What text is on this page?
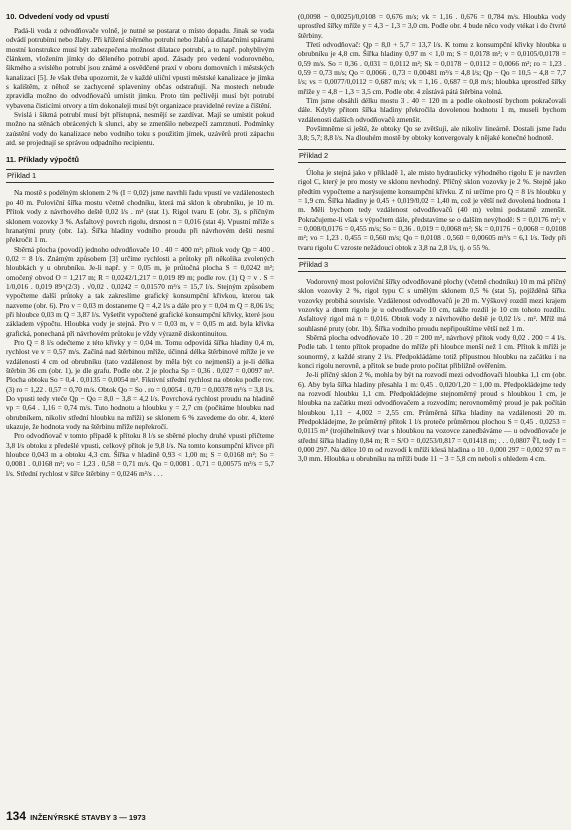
10. Odvedení vody od vpustí

Padá-li voda z odvodňovače volně, je nutné se postarat o místo dopadu. Jinak se voda odvádí potrubími nebo žlaby. Při křížení sběrného potrubí nebo žlabů a dilatačními spárami mostní konstrukce musí být zabezpečena možnost dilatace potrubí, a to např. pohyblivým článkem, vložením jímky do děleného potrubí apod. Zásady pro vedení vodorovného, šikmého a svislého potrubí jsou známé a osvědčené praxí v oboru domovních i městských kanalizací [5]. Je však třeba upozornit, že v každé uliční vpusti městské kanalizace je jímka s kalištěm, z něhož se zachycené splaveniny občas odstraňují. Na mostech nebude zpravidla možno do odvodňovačů umístit jímku. Proto tím pečlivěji musí být potrubí vybavena čisticími otvory a tím dokonaleji musí být organizace pravidelné revize a čištění.

Svislá i šikmá potrubí musí být přístupná, nesmějí se zazdívat. Mají se umístit pokud možno na stěnách obrácených k slunci, aby se zmenšilo nebezpečí zamrznutí. Podmínky zaústění vody do kanalizace nebo vodního toku s použitím jímek, uzávěrů proti zápachu atd. se projednají se správou odpadního recipientu.

11. Příklady výpočtů
Příklad 1

Na mostě s podélným sklonem 2 % (I = 0,02) jsme navrhli řadu vpustí ve vzdálenostech po 40 m. Poloviční šířka mostu včetně chodníku, která má sklon k obrubníku, je 10 m. Přítok vody z návrhového deště 0,02 l/s . m² (stat 1). Rigol tvaru E (obr. 3), s příčným sklonem vozovky 3 %. Asfaltový povrch rigolu, drsnost n = 0,016 (stat 4). Vpustní mříže s hranatými pruty (obr. 1a). Šířka hladiny vodního proudu při návrhovém dešti nesmí překročit 1 m.

Sběrná plocha (povodí) jednoho odvodňovače 10 . 40 = 400 m²; přítok vody Qp = 400 . 0,02 = 8 l/s. Známým způsobem [3] určíme rychlosti a průtoky při několika zvolených hloubkách y u obrubníku. Je-li např. y = 0,05 m, je průtočná plocha S = 0,0242 m²; omočený obvod O = 1,217 m; R = 0,0242/1,217 = 0,019 89 m; podle rov. (1) Q = v . S = 1/0,016 . 0,019 89^(2/3) . √0,02 . 0,0242 = 0,01570 m³/s = 15,7 l/s. Stejným způsobem vypočteme další průtoky a tak zakreslíme grafický konsumpční křivkou, kterou tak nazveme (obr. 6). Pro v = 0,03 m dostaneme Q = 4,2 l/s a dále pro y = 0,04 m Q = 8,06 l/s; při hloubce 0,03 m Q = 3,87 l/s. Vyšetřit vypočtené grafické konsumpční křivky, které jsou základem výpočtu. Hloubka vody je stejná. Pro v = 0,03 m, v = 0,05 m atd. byla křivka grafická, ponechaná při návrhovém průtoku je vždy výrazně diskontinuitou.

Pro Q = 8 l/s odečteme z této křivky y = 0,04 m. Tomu odpovídá šířka hladiny 0,4 m, rychlost ve v = 0,57 m/s. Začíná nad štěrbinou mříže, účinná délka štěrbinové mříže je ve vzdálenosti 4 cm od obrubníku (tato vzdálenost by měla být co nejmenší) a je-li délka štěrbin 36 cm (obr. 1), je dle grafu. Podle obr. 2 je plocha Sp = 0,36 . 0,027 = 0,0097 m². Plocha obtoku So = 0,4 . 0,0135 = 0,0054 m². Fiktivní střední rychlost na obtoku podle rov. (3) ro = 1,22 . 0,57 = 0,70 m/s. Obtok Qo = So . ro = 0,0054 . 0,70 = 0,00378 m³/s = 3,8 l/s. Do vpusti tedy vteče Qp − Qo = 8,0 − 3,8 = 4,2 l/s. Povrchová rychlost proudu na hladině vp = 0,64 . 1,16 = 0,74 m/s. Tuto hodnotu a hloubku y = 2,7 cm (počítáme hloubku nad obrubníkem, nikoliv střední hloubku na mříži) se sklonem 6 % zavedeme do obr. 4, které ukazuje, že hodnota vody na štěrbinu mříže nepřekročí.

Pro odvodňovač v tomto případě k přítoku 8 l/s se sběrné plochy druhé vpusti přičteme 3,8 l/s obtoku z předešlé vpusti, celkový přítok je 9,8 l/s. Na tomto konsumpční křivce při hloubce 0,043 m a obtoku 4,3 cm. Šířka v hladině 0,93 < 1,00 m; S = 0,0168 m²; So = 0,0081 . 0,0168 m²; vo = 1,23 . 0,58 = 0,71 m/s. Qo = 0,0081 . 0,71 = 0,00575 m³/s = 5,7 l/s. Střední rychlost v šířce štěrbiny = 0,0246 m²/s . . .

(0,0098 − 0,0025)/0,0108 = 0,676 m/s; vk = 1,16 . 0,676 = 0,784 m/s. Hloubka vody uprostřed šířky mříže y = 4,3 − 1,3 = 3,0 cm. Podle obr. 4 bude něco vody vtékat i do čtvrté štěrbiny.

Třetí odvodňovač: Qp = 8,0 + 5,7 = 13,7 l/s. K tomu z konsumpční křivky hloubka u obrubníku je 4,8 cm. Šířka hladiny 0,97 m < 1,0 m; S = 0,0178 m²; v = 0,0105/0,0178 = 0,59 m/s. So = 0,36 . 0,031 = 0,0112 m²; Sk = 0,0178 − 0,0112 = 0,0066 m²; ro = 1,23 . 0,59 = 0,73 m/s; Qo = 0,0066 . 0,73 = 0,00481 m³/s = 4,8 l/s; Qp − Qo = 10,5 − 4,8 = 7,7 l/s; vs = 0,0077/0,0112 = 0,687 m/s; vk = 1,16 . 0,687 = 0,8 m/s; hloubka uprostřed šířky mříže y = 4,8 − 1,3 = 3,5 cm. Podle obr. 4 zůstává pátá štěrbina volná.

Tím jsme obsáhli délku mostu 3 . 40 = 120 m a podle okolností bychom pokračovali dále. Kdyby přitom šířka hladiny překročila dovolenou hodnotu 1 m, museli bychom vzdálenosti dalších odvodňovačů zmenšit.

Povšimněme si ještě, že obtoky Qo se zvětšují, ale nikoliv lineárně. Dostali jsme řadu 3,8; 5,7; 8,8 l/s. Na dlouhém mostě by obtoky konvergovaly k nějaké konečné hodnotě.

Příklad 2

Úloha je stejná jako v příkladě 1, ale místo hydraulicky výhodného rigolu E je navržen rigol C, který je pro mosty ve sklonu nevhodný. Příčný sklon vozovky je 2 %. Stejně jako předtím vypočteme a narýsujeme konsumpční křivku. Z ní určíme pro Q = 8 l/s hloubku y = 1,9 cm. Šířka hladiny je 0,45 + 0,019/0,02 = 1,40 m, což je větší než dovolená hodnota 1 m. Měli bychom tedy vzdálenost odvodňovačů (40 m) velmi podstatně zmenšit. Pokračujeme-li však s výpočtem dále, představíme se o dalším nevýhodě: S = 0,0176 m²; v = 0,008/0,0176 = 0,455 m/s; So = 0,36 . 0,019 = 0,0068 m²; Sk = 0,0176 − 0,0068 = 0,0108 m²; vo = 1,23 . 0,455 = 0,560 m/s; Qo = 0,0108 . 0,560 = 0,00605 m³/s = 6,1 l/s. Tedy při tvaru rigolu C vzroste nežádoucí obtok z 3,8 na 2,8 l/s, tj. o 55 %.

Příklad 3

Vodorovný most poloviční šířky odvodňované plochy (včetně chodníku) 10 m má příčný sklon vozovky 2 %, rigol typu C s umělým sklonem 0,5 % (stat 5), pojížděná šířka vozovky probíhá souvisle. Vzdálenost odvodňovačů je 20 m. Výškový rozdíl mezi krajem vozovky a dnem rigolu je u odvodňovače 10 cm, takže rozdíl je 10 cm tohoto rozdílu. Asfaltový rigol má n = 0,016. Obtok vody z návrhového deště je 0,02 l/s . m². Mříž má souhlasné pruty (obr. 1b). Šířka vodního proudu nepřipouštíme větší než 1 m.

Sběrná plocha odvodňovače 10 . 20 = 200 m², návrhový přítok vody 0,02 . 200 = 4 l/s. Podle tab. 1 tento přítok propadne do mříže při hloubce menší než 1 cm. Přítok k mříži je sounormý, z každé strany 2 l/s. Předpokládáme totiž přípustnou hloubku na začátku i na konci rigolu nerovně, a přitok se bude proto počítat přibližně ověřením.

Je-li příčný sklon 2 %, mohla by být na rozvodí mezi odvodňovači hloubka 1,1 cm (obr. 6). Aby byla šířka hladiny přesahla 1 m: 0,45 . 0,020/1,20 = 1,00 m. Předpokládejme tedy na rozvodí hloubku 1,1 cm. Předpokládejme stejnoměrný proud s hloubkou 1 cm, je hloubka na začátku mezi odvodňovačem a rozvodím; nerovnoměrný proud je pak počítán hloubkou 1,11 − 4,002 = 2,55 cm. Průměrná šířka hladiny na vzdálenosti 20 m. Předpokládejme, že průměrný přítok 1 l/s proteče průměrnou plochou S = 0,45 . 0,0253 = 0,0115 m² (trojúhelníkový tvar s hloubkou na vozovce zanedbáváme — u odvodňovače je střední šířka hladiny 0,84 m; R = S/O = 0,0253/0,817 = 0,01418 m; . . . 0,0807 ∜I, tedy I = 0,000 297. Na délce 10 m od rozvodí k mříži klesá hladina o 10 . 0,000 297 = 0,002 97 m = 3,0 mm. Hloubka u obrubníku na mříži bude 11 − 3 = 5,8 cm neboli s ohledem 4 cm.

134 INŽENÝRSKÉ STAVBY 3 — 1973
